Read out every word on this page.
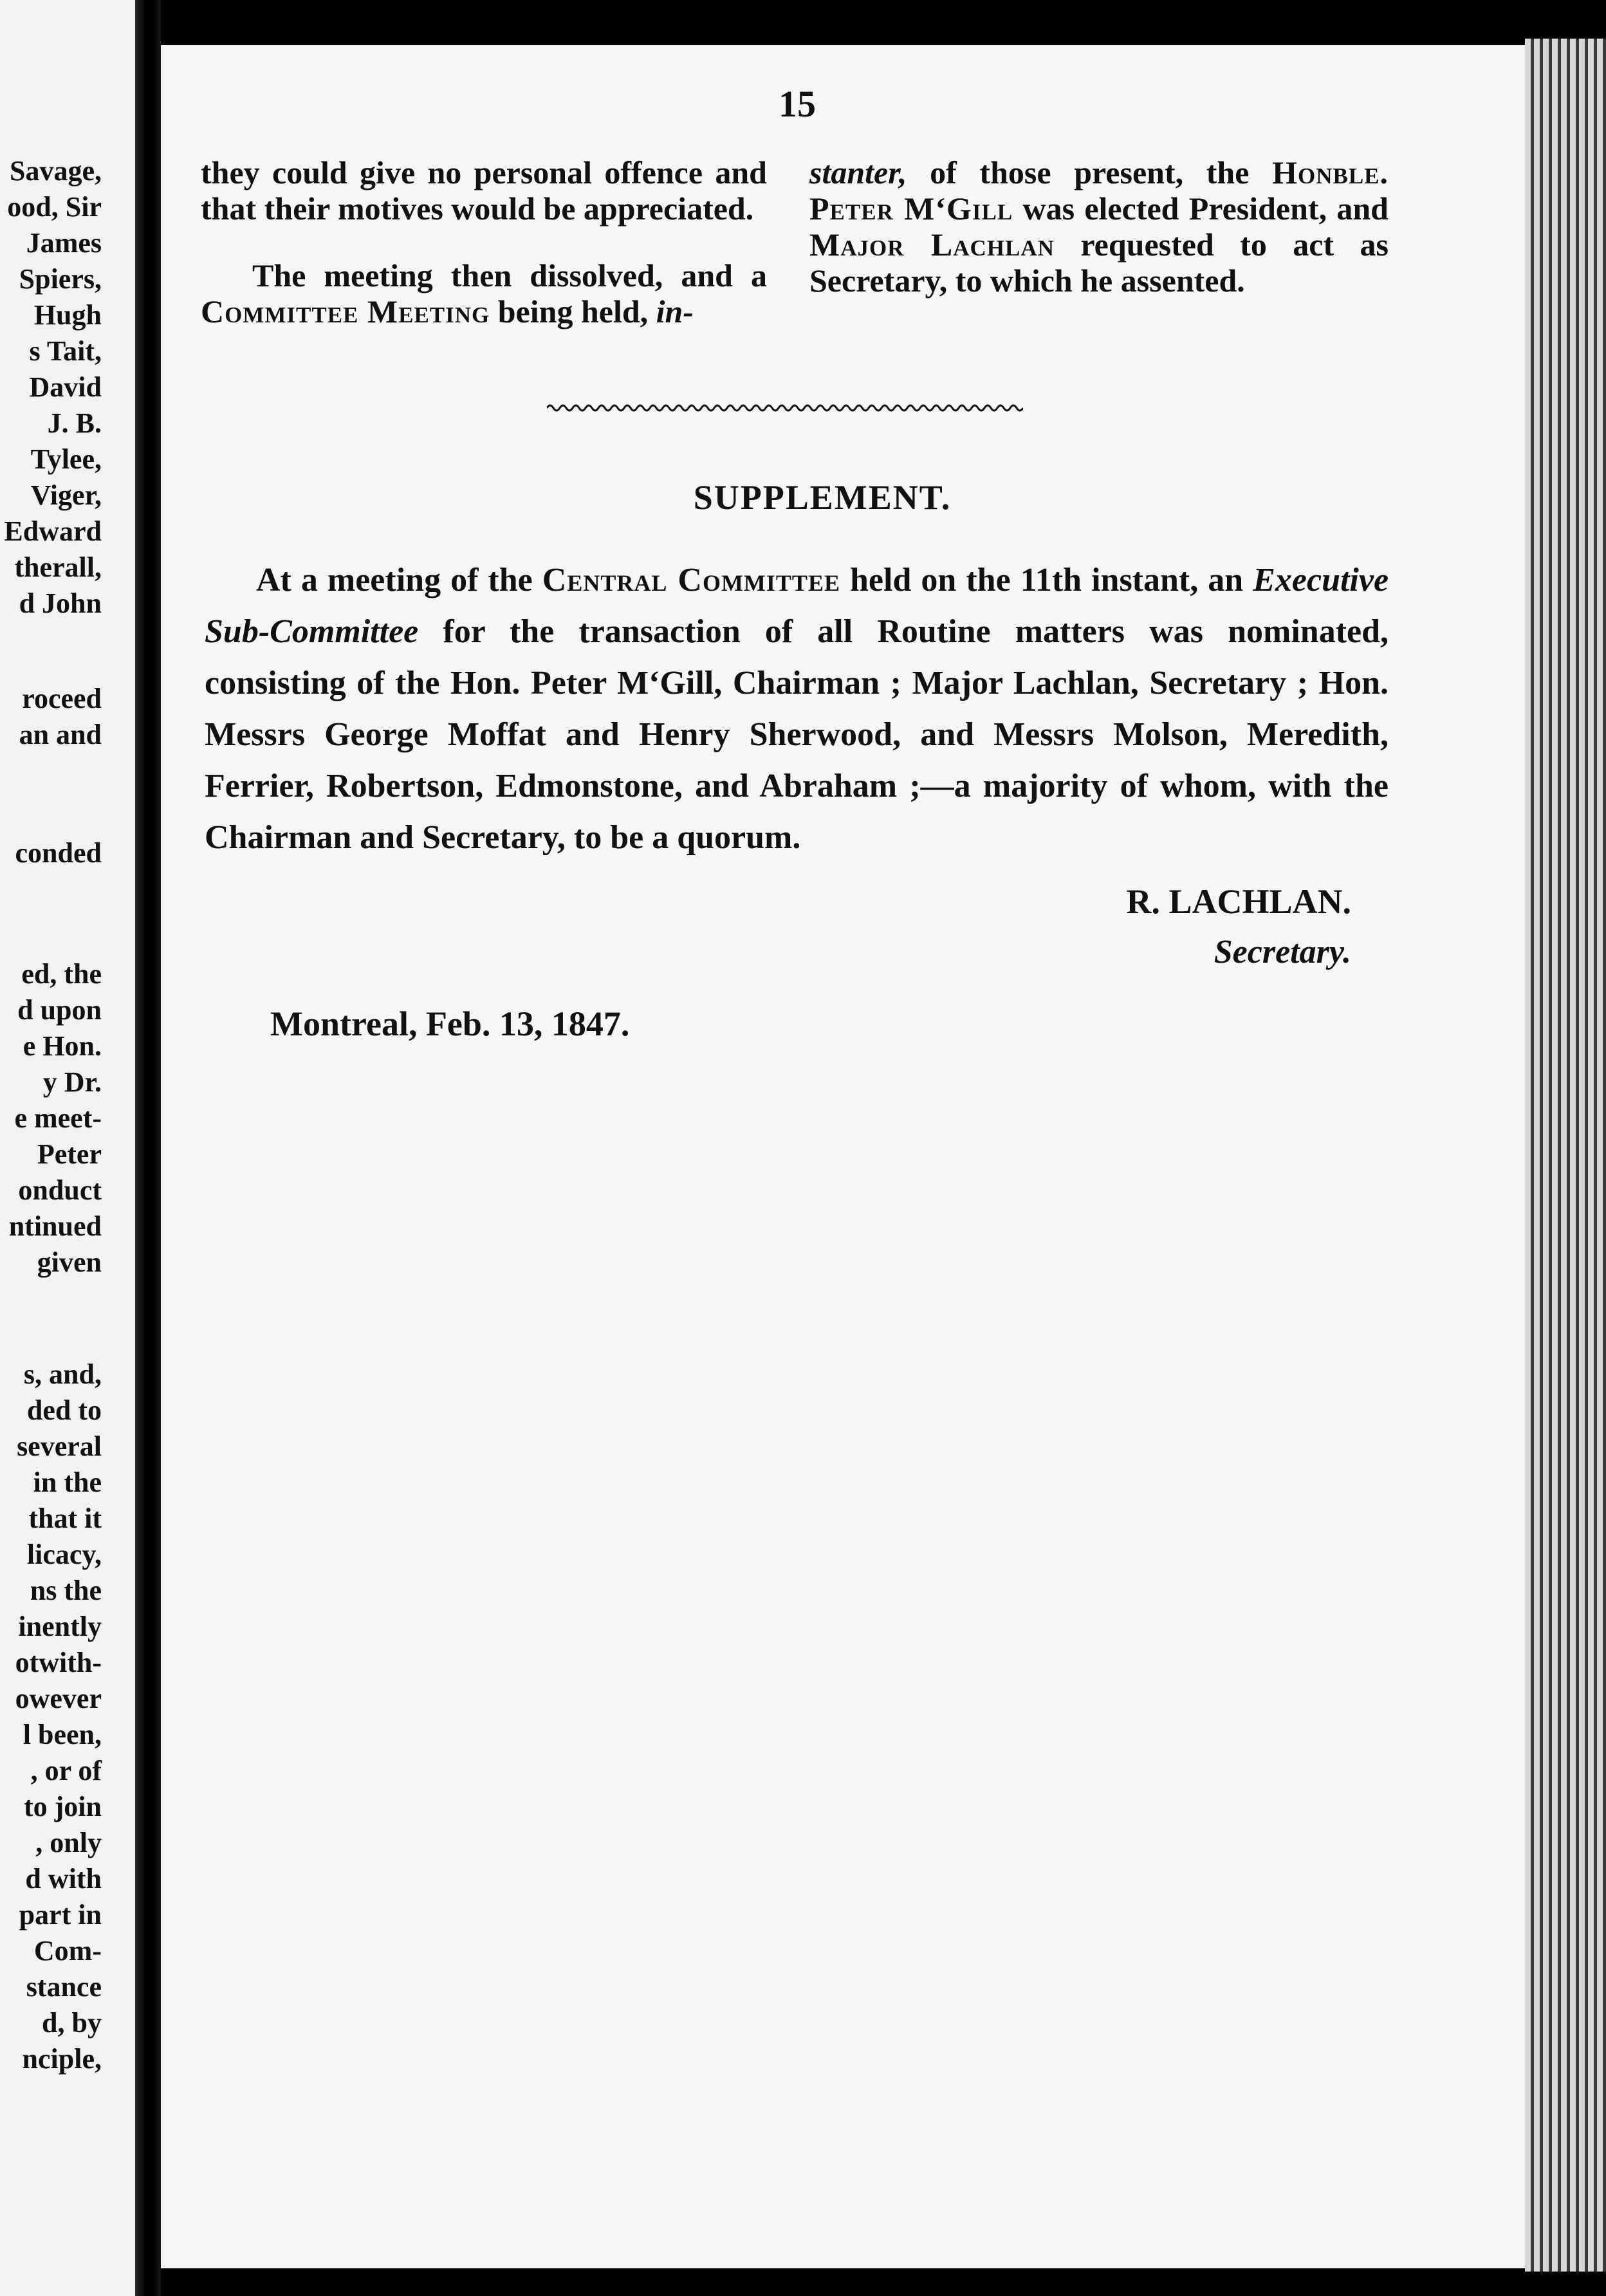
Savage,
ood, Sir
James
Spiers,
Hugh
s Tait,
David
J. B.
Tylee,
Viger,
Edward
therall,
d John
roceed
an and
conded
ed, the
d upon
e Hon.
y Dr.
e meet-
Peter
onduct
ntinued
given
s, and,
ded to
several
in the
that it
licacy,
ns the
inently
otwith-
owever
l been,
, or of
to join
, only
d with
part in
Com-
stance
d, by
nciple,
15

they could give no personal offence and that their motives would be appreciated.

The meeting then dissolved, and a Committee Meeting being held, in-

stanter, of those present, the Honble. Peter M‘Gill was elected President, and Major Lachlan requested to act as Secretary, to which he assented.

SUPPLEMENT.
At a meeting of the Central Committee held on the 11th instant, an Executive Sub-Committee for the transaction of all Routine matters was nominated, consisting of the Hon. Peter M‘Gill, Chairman ; Major Lachlan, Secretary ; Hon. Messrs George Moffat and Henry Sherwood, and Messrs Molson, Meredith, Ferrier, Robertson, Edmonstone, and Abraham ;—a majority of whom, with the Chairman and Secretary, to be a quorum.
R. LACHLAN.
Secretary.
Montreal, Feb. 13, 1847.
